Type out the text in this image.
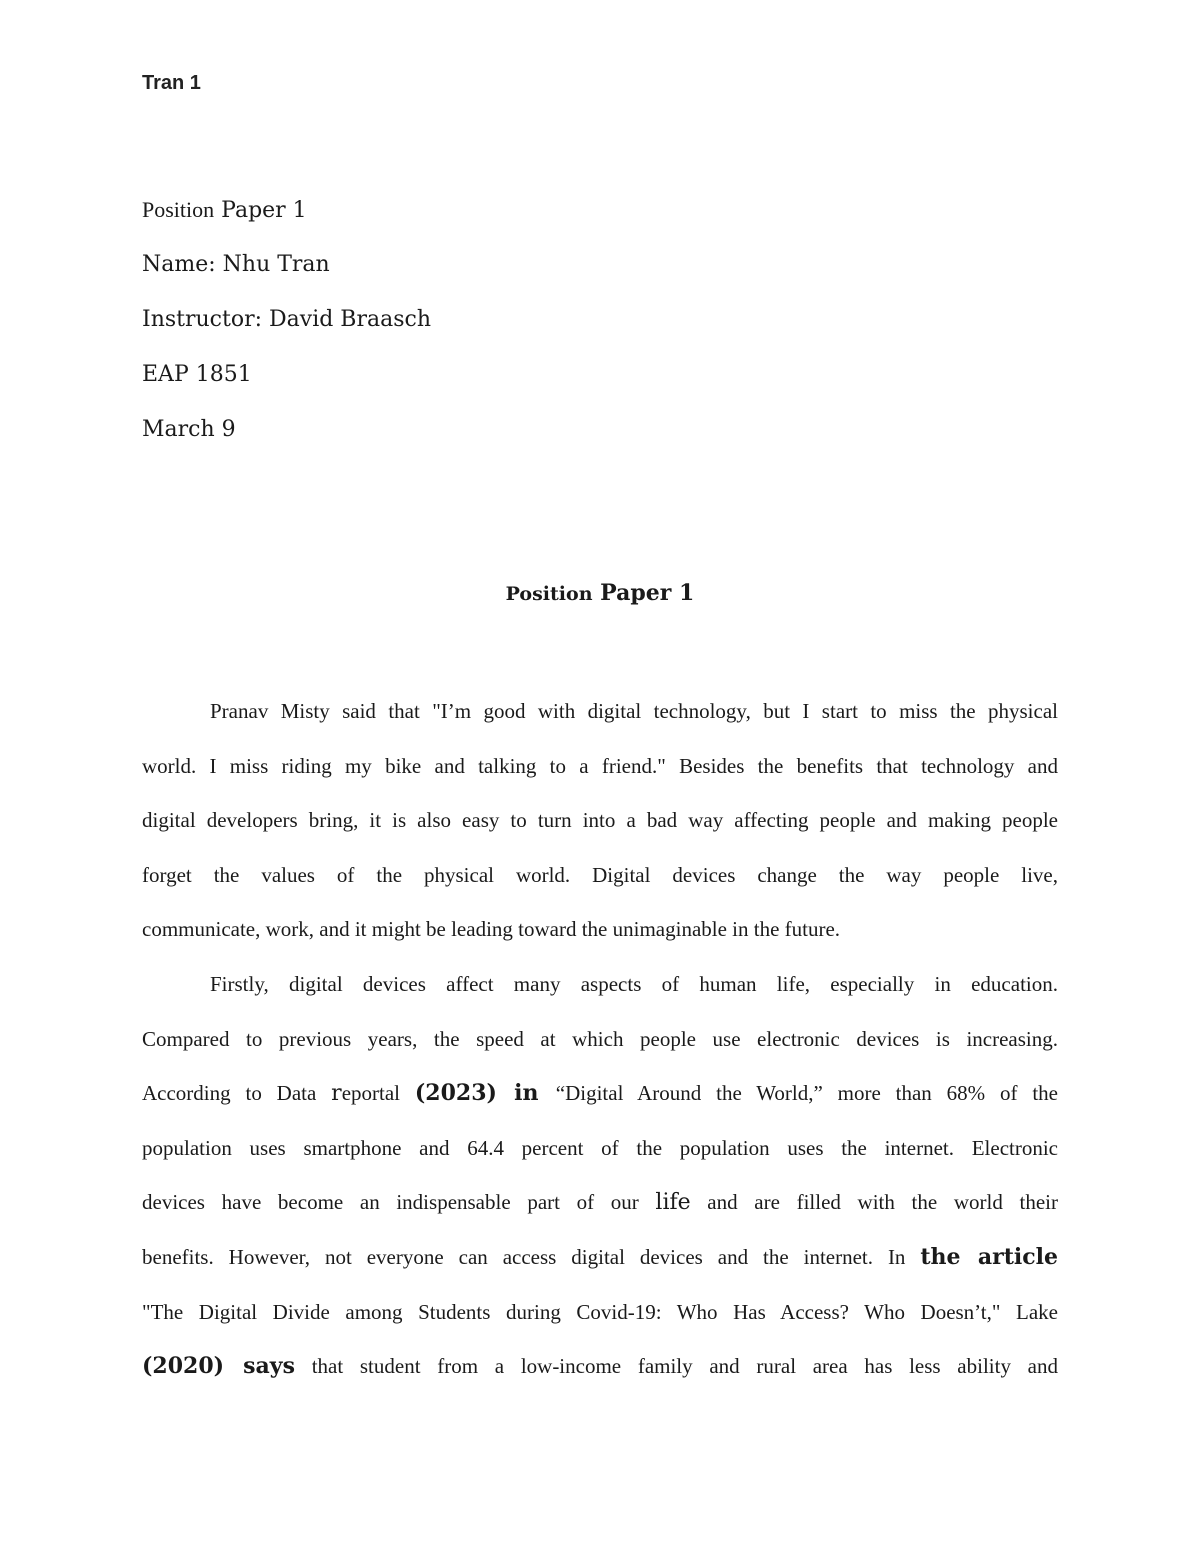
Tran 1
Position Paper 1
Name: Nhu Tran
Instructor: David Braasch
EAP 1851
March 9
Position Paper 1
Pranav Misty said that "I’m good with digital technology, but I start to miss the physical
world. I miss riding my bike and talking to a friend." Besides the benefits that technology and
digital developers bring, it is also easy to turn into a bad way affecting people and making people
forget the values of the physical world. Digital devices change the way people live,
communicate, work, and it might be leading toward the unimaginable in the future.
Firstly, digital devices affect many aspects of human life, especially in education.
Compared to previous years, the speed at which people use electronic devices is increasing.
According to Data reportal (2023) in “Digital Around the World,” more than 68% of the
population uses smartphone and 64.4 percent of the population uses the internet. Electronic
devices have become an indispensable part of our life and are filled with the world their
benefits. However, not everyone can access digital devices and the internet. In the article
"The Digital Divide among Students during Covid-19: Who Has Access? Who Doesn’t," Lake
(2020) says that student from a low-income family and rural area has less ability and
